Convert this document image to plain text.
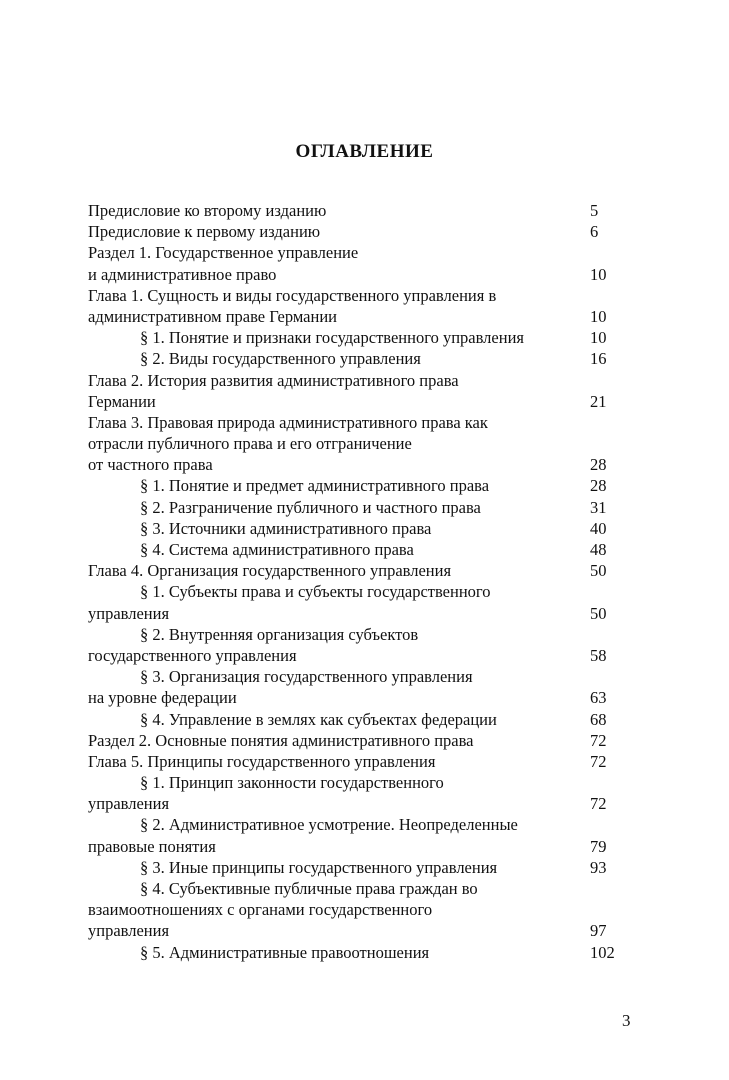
ОГЛАВЛЕНИЕ
Предисловие ко второму изданию	5
Предисловие к первому изданию	6
Раздел 1. Государственное управление
и административное право	10
Глава 1. Сущность и виды государственного управления в
административном праве Германии	10
§ 1. Понятие и признаки государственного управления	10
§ 2. Виды государственного управления	16
Глава 2. История развития административного права
Германии	21
Глава 3. Правовая природа административного права как
отрасли публичного права и его отграничение
от частного права	28
§ 1. Понятие и предмет административного права	28
§ 2. Разграничение публичного и частного права	31
§ 3. Источники административного права	40
§ 4. Система административного права	48
Глава 4. Организация государственного управления	50
§ 1. Субъекты права и субъекты государственного
управления	50
§ 2. Внутренняя организация субъектов
государственного управления	58
§ 3. Организация государственного управления
на уровне федерации	63
§ 4. Управление в землях как субъектах федерации	68
Раздел 2. Основные понятия административного права	72
Глава 5. Принципы государственного управления	72
§ 1. Принцип законности государственного
управления	72
§ 2. Административное усмотрение. Неопределенные
правовые понятия	79
§ 3. Иные принципы государственного управления	93
§ 4. Субъективные публичные права граждан во
взаимоотношениях с органами государственного
управления	97
§ 5. Административные правоотношения	102
3
